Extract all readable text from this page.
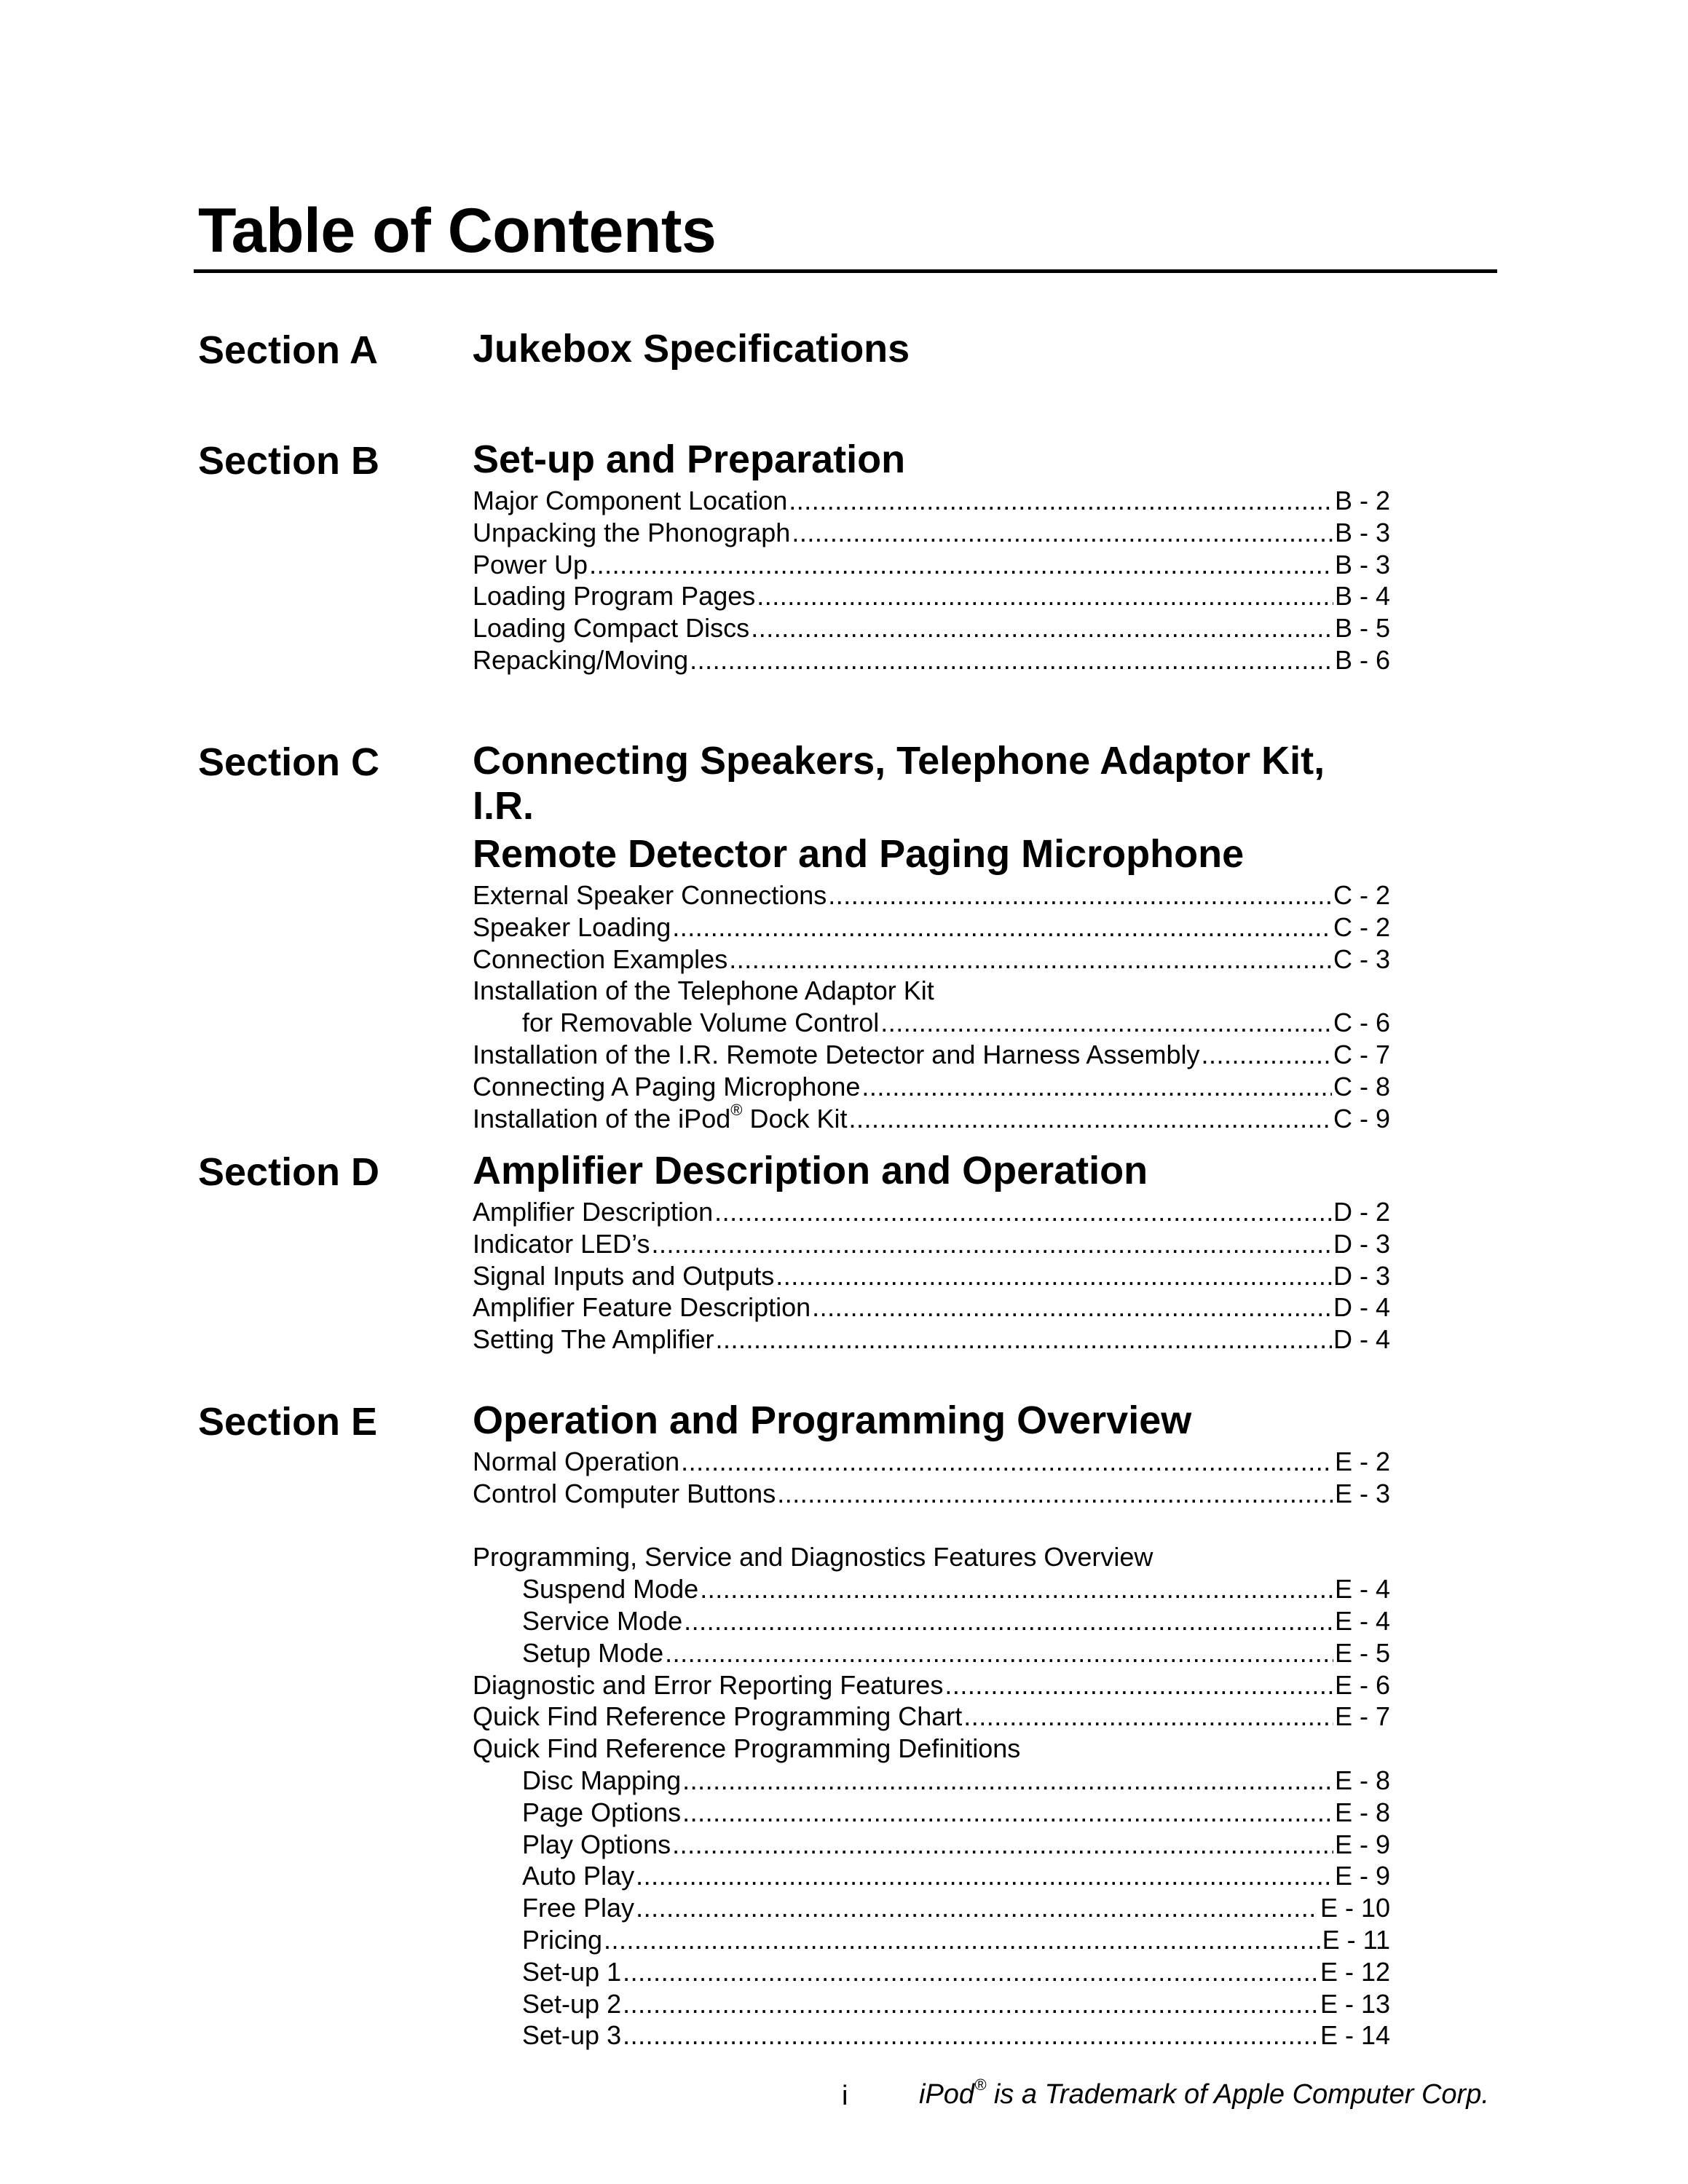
Table of Contents
Section A	Jukebox Specifications
Section B	Set-up and Preparation
Major Component Location .....	B - 2
Unpacking the Phonograph .....	B - 3
Power Up .....	B - 3
Loading Program Pages .....	B - 4
Loading Compact Discs .....	B - 5
Repacking/Moving .....	B - 6
Section C	Connecting Speakers, Telephone Adaptor Kit, I.R.
Remote Detector and Paging Microphone
External Speaker Connections .....	C - 2
Speaker Loading .....	C - 2
Connection Examples .....	C - 3
Installation of the Telephone Adaptor Kit
for Removable Volume Control .....	C - 6
Installation of the I.R. Remote Detector and Harness Assembly .....	C - 7
Connecting A Paging Microphone .....	C - 8
Installation of the iPod® Dock Kit .....	C - 9
Section D	Amplifier Description and Operation
Amplifier Description .....	D - 2
Indicator LED’s .....	D - 3
Signal Inputs and Outputs .....	D - 3
Amplifier Feature Description .....	D - 4
Setting The Amplifier .....	D - 4
Section E	Operation and Programming Overview
Normal Operation .....	E - 2
Control Computer Buttons .....	E - 3
Programming, Service and Diagnostics Features Overview
Suspend Mode .....	E - 4
Service Mode .....	E - 4
Setup Mode .....	E - 5
Diagnostic and Error Reporting Features .....	E - 6
Quick Find Reference Programming Chart .....	E - 7
Quick Find Reference Programming Definitions
Disc Mapping .....	E - 8
Page Options .....	E - 8
Play Options .....	E - 9
Auto Play .....	E - 9
Free Play .....	E - 10
Pricing .....	E - 11
Set-up 1 .....	E - 12
Set-up 2 .....	E - 13
Set-up 3 .....	E - 14
i	iPod® is a Trademark of Apple Computer Corp.
